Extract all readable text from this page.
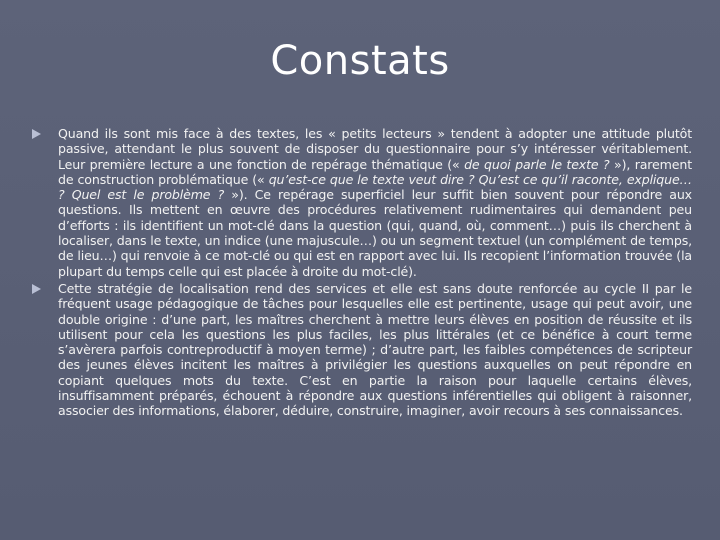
Constats
Quand ils sont mis face à des textes, les « petits lecteurs » tendent à adopter une attitude plutôt passive, attendant le plus souvent de disposer du questionnaire pour s’y intéresser véritablement. Leur première lecture a une fonction de repérage thématique (« de quoi parle le texte ? »), rarement de construction problématique (« qu’est-ce que le texte veut dire ? Qu’est ce qu’il raconte, explique… ? Quel est le problème ? »). Ce repérage superficiel leur suffit bien souvent pour répondre aux questions. Ils mettent en œuvre des procédures relativement rudimentaires qui demandent peu d’efforts : ils identifient un mot-clé dans la question (qui, quand, où, comment…) puis ils cherchent à localiser, dans le texte, un indice (une majuscule…) ou un segment textuel (un complément de temps, de lieu…) qui renvoie à ce mot-clé ou qui est en rapport avec lui. Ils recopient l’information trouvée (la plupart du temps celle qui est placée à droite du mot-clé).
Cette stratégie de localisation rend des services et elle est sans doute renforcée au cycle II par le fréquent usage pédagogique de tâches pour lesquelles elle est pertinente, usage qui peut avoir, une double origine : d’une part, les maîtres cherchent à mettre leurs élèves en position de réussite et ils utilisent pour cela les questions les plus faciles, les plus littérales (et ce bénéfice à court terme s’avèrera parfois contreproductif à moyen terme) ; d’autre part, les faibles compétences de scripteur des jeunes élèves incitent les maîtres à privilégier les questions auxquelles on peut répondre en copiant quelques mots du texte. C’est en partie la raison pour laquelle certains élèves, insuffisamment préparés, échouent à répondre aux questions inférentielles qui obligent à raisonner, associer des informations, élaborer, déduire, construire, imaginer, avoir recours à ses connaissances.
